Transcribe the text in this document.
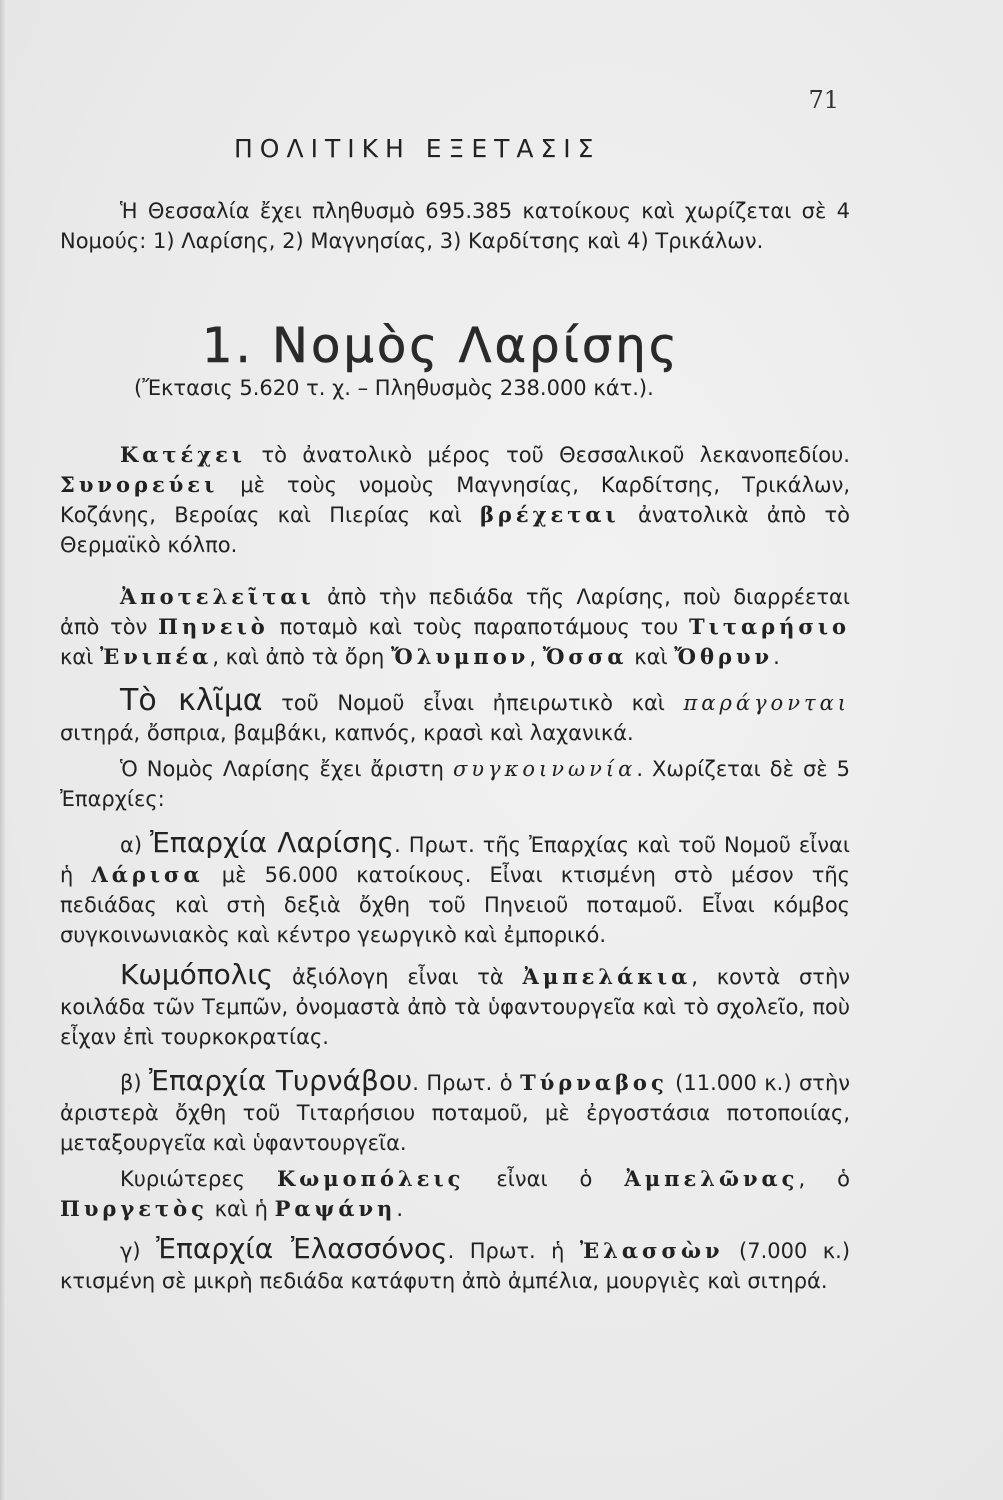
71
ΠΟΛΙΤΙΚΗ ΕΞΕΤΑΣΙΣ

Ἡ Θεσσαλία ἔχει πληθυσμὸ 695.385 κατοίκους καὶ χωρίζεται σὲ 4 Νομούς: 1) Λαρίσης, 2) Μαγνησίας, 3) Καρδίτσης καὶ 4) Τρικάλων.

1. Νομὸς Λαρίσης
(Ἔκτασις 5.620 τ. χ. – Πληθυσμὸς 238.000 κάτ.).

Κατέχει τὸ ἀνατολικὸ μέρος τοῦ Θεσσαλικοῦ λεκανοπεδίου. Συνορεύει μὲ τοὺς νομοὺς Μαγνησίας, Καρδίτσης, Τρικάλων, Κοζάνης, Βεροίας καὶ Πιερίας καὶ βρέχεται ἀνατολικὰ ἀπὸ τὸ Θερμαϊκὸ κόλπο.

Ἀποτελεῖται ἀπὸ τὴν πεδιάδα τῆς Λαρίσης, ποὺ διαρρέεται ἀπὸ τὸν Πηνειὸ ποταμὸ καὶ τοὺς παραποτάμους του Τιταρήσιο καὶ Ἐνιπέα, καὶ ἀπὸ τὰ ὄρη Ὄλυμπον, Ὄσσα καὶ Ὄθρυν.

Τὸ κλῖμα τοῦ Νομοῦ εἶναι ἠπειρωτικὸ καὶ παράγονται σιτηρά, ὄσπρια, βαμβάκι, καπνός, κρασὶ καὶ λαχανικά.

Ὁ Νομὸς Λαρίσης ἔχει ἄριστη συγκοινωνία. Χωρίζεται δὲ σὲ 5 Ἐπαρχίες:

α) Ἐπαρχία Λαρίσης. Πρωτ. τῆς Ἐπαρχίας καὶ τοῦ Νομοῦ εἶναι ἡ Λάρισα μὲ 56.000 κατοίκους. Εἶναι κτισμένη στὸ μέσον τῆς πεδιάδας καὶ στὴ δεξιὰ ὄχθη τοῦ Πηνειοῦ ποταμοῦ. Εἶναι κόμβος συγκοινωνιακὸς καὶ κέντρο γεωργικὸ καὶ ἐμπορικό.

Κωμόπολις ἀξιόλογη εἶναι τὰ Ἀμπελάκια, κοντὰ στὴν κοιλάδα τῶν Τεμπῶν, ὀνομαστὰ ἀπὸ τὰ ὑφαντουργεῖα καὶ τὸ σχολεῖο, ποὺ εἶχαν ἐπὶ τουρκοκρατίας.

β) Ἐπαρχία Τυρνάβου. Πρωτ. ὁ Τύρναβος (11.000 κ.) στὴν ἀριστερὰ ὄχθη τοῦ Τιταρήσιου ποταμοῦ, μὲ ἐργοστάσια ποτοποιίας, μεταξουργεῖα καὶ ὑφαντουργεῖα.

Κυριώτερες Κωμοπόλεις εἶναι ὁ Ἀμπελῶνας, ὁ Πυργετὸς καὶ ἡ Ραψάνη.

γ) Ἐπαρχία Ἐλασσόνος. Πρωτ. ἡ Ἐλασσὼν (7.000 κ.) κτισμένη σὲ μικρὴ πεδιάδα κατάφυτη ἀπὸ ἀμπέλια, μουργιὲς καὶ σιτηρά.
